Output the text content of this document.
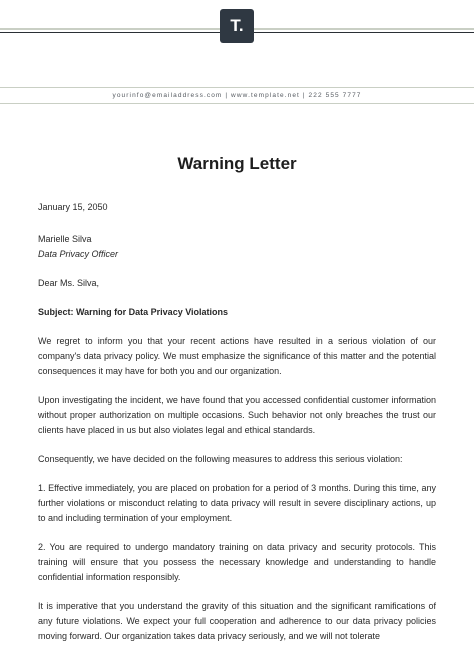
T.
yourinfo@emailaddress.com | www.template.net | 222 555 7777
Warning Letter
January 15, 2050
Marielle Silva
Data Privacy Officer
Dear Ms. Silva,
Subject: Warning for Data Privacy Violations

We regret to inform you that your recent actions have resulted in a serious violation of our company's data privacy policy. We must emphasize the significance of this matter and the potential consequences it may have for both you and our organization.

Upon investigating the incident, we have found that you accessed confidential customer information without proper authorization on multiple occasions. Such behavior not only breaches the trust our clients have placed in us but also violates legal and ethical standards.

Consequently, we have decided on the following measures to address this serious violation:

1. Effective immediately, you are placed on probation for a period of 3 months. During this time, any further violations or misconduct relating to data privacy will result in severe disciplinary actions, up to and including termination of your employment.

2. You are required to undergo mandatory training on data privacy and security protocols. This training will ensure that you possess the necessary knowledge and understanding to handle confidential information responsibly.

It is imperative that you understand the gravity of this situation and the significant ramifications of any future violations. We expect your full cooperation and adherence to our data privacy policies moving forward. Our organization takes data privacy seriously, and we will not tolerate
